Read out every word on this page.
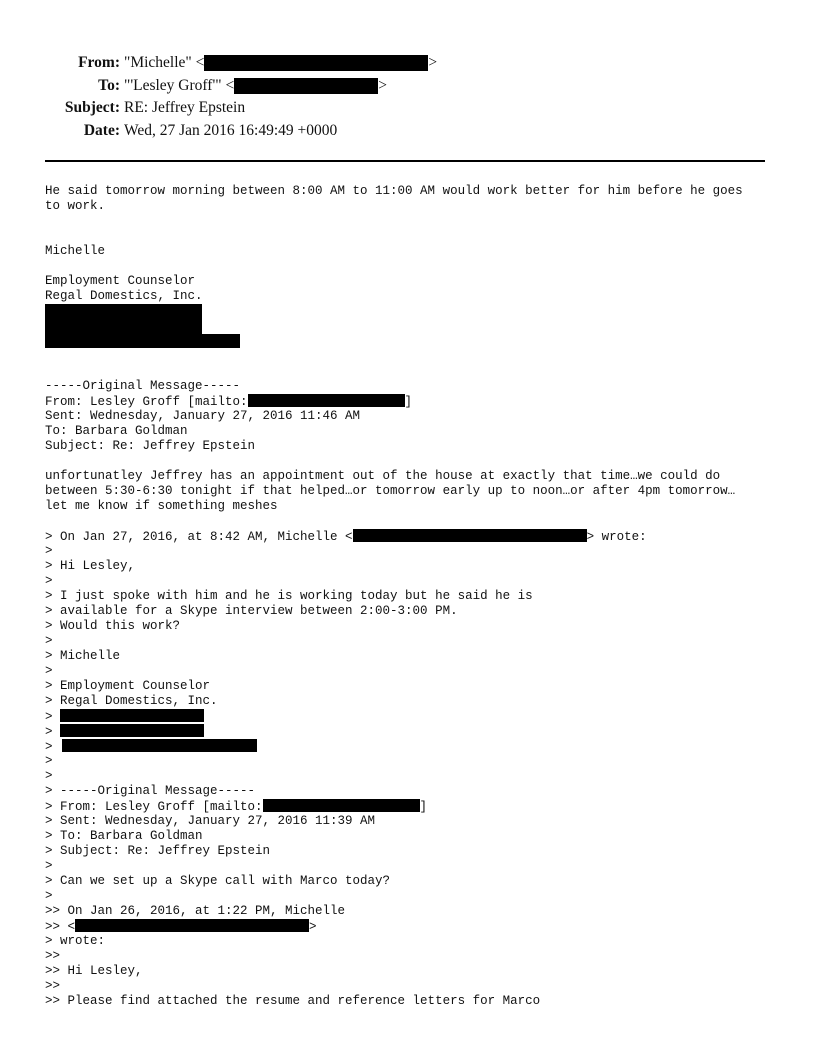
From: "Michelle" <	>
To: "'Lesley Groff'" <	>
Subject: RE: Jeffrey Epstein
Date: Wed, 27 Jan 2016 16:49:49 +0000
He said tomorrow morning between 8:00 AM to 11:00 AM would work better for him before he goes
to work.
Michelle
Employment Counselor
Regal Domestics, Inc.
-----Original Message-----
From: Lesley Groff [mailto:	]
Sent: Wednesday, January 27, 2016 11:46 AM
To: Barbara Goldman
Subject: Re: Jeffrey Epstein
unfortunatley Jeffrey has an appointment out of the house at exactly that time…we could do
between 5:30-6:30 tonight if that helped…or tomorrow early up to noon…or after 4pm tomorrow…
let me know if something meshes
> On Jan 27, 2016, at 8:42 AM, Michelle <	> wrote:
>
> Hi Lesley,
>
> I just spoke with him and he is working today but he said he is
> available for a Skype interview between 2:00-3:00 PM.
> Would this work?
>
> Michelle
>
> Employment Counselor
> Regal Domestics, Inc.
>
>
>
>
>
> -----Original Message-----
> From: Lesley Groff [mailto:	]
> Sent: Wednesday, January 27, 2016 11:39 AM
> To: Barbara Goldman
> Subject: Re: Jeffrey Epstein
>
> Can we set up a Skype call with Marco today?
>
>> On Jan 26, 2016, at 1:22 PM, Michelle
>> <	>
> wrote:
>>
>> Hi Lesley,
>>
>> Please find attached the resume and reference letters for Marco
